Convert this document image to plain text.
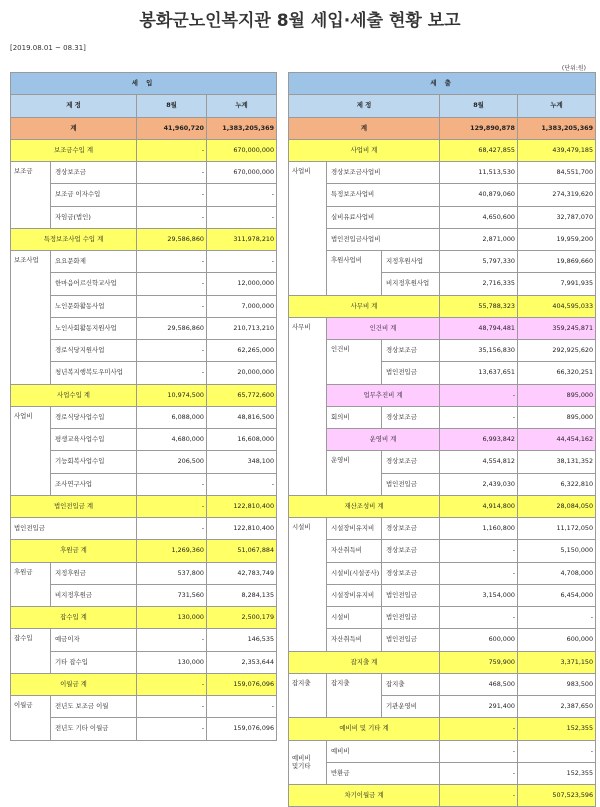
봉화군노인복지관 8월 세입·세출 현황 보고
[2019.08.01 ~ 08.31]
(단위:원)
세 입			
제 정		8월	누계
계		41,960,720	1,383,205,369
보조금수입 계		-	670,000,000
보조금	경상보조금	-	670,000,000
	보조금 이자수입	-	-
	자임금(법인)	-	-
특정보조사업 수입 계		29,586,860	311,978,210
보조사업	요요문화제	-	-
	한마음어르신학교사업	-	12,000,000
	노인문화활동사업	-	7,000,000
	노인사회활동지원사업	29,586,860	210,713,210
	경로식당지원사업	-	62,265,000
	청년복지행복도우미사업	-	20,000,000
사업수입 계		10,974,500	65,772,600
사업비	경로식당사업수입	6,088,000	48,816,500
	평생교육사업수입	4,680,000	16,608,000
	기능회복사업수입	206,500	348,100
	조사연구사업	-	-
법인전입금 계		-	122,810,400
법인전입금		-	122,810,400
후원금 계		1,269,360	51,067,884
후원금	지정후원금	537,800	42,783,749
	비지정후원금	731,560	8,284,135
잡수입 계		130,000	2,500,179
잡수입	예금이자	-	146,535
	기타 잡수입	130,000	2,353,644
이월금 계		-	159,076,096
이월금	전년도 보조금 이월	-	-
	전년도 기타 이월금	-	159,076,096
세 출				
제 정			8월	누계
계			129,890,878	1,383,205,369
사업비 계			68,427,855	439,479,185
사업비	경상보조금사업비		11,513,530	84,551,700
	특정보조사업비		40,879,060	274,319,620
	실비유료사업비		4,650,600	32,787,070
	법인전입금사업비		2,871,000	19,959,200
	후원사업비	지정후원사업	5,797,330	19,869,660
		비지정후원사업	2,716,335	7,991,935
사무비 계			55,788,323	404,595,033
사무비	인건비 계		48,794,481	359,245,871
	인건비	경상보조금	35,156,830	292,925,620
		법인전입금	13,637,651	66,320,251
	업무추진비 계		-	895,000
	회의비	경상보조금	-	895,000
	운영비 계		6,993,842	44,454,162
	운영비	경상보조금	4,554,812	38,131,352
		법인전입금	2,439,030	6,322,810
재산조성비 계			4,914,800	28,084,050
시설비	시설장비유지비	경상보조금	1,160,800	11,172,050
	자산취득비	경상보조금	-	5,150,000
	시설비(시설공사)	경상보조금	-	4,708,000
	시설장비유지비	법인전입금	3,154,000	6,454,000
	시설비	법인전입금	-	-
	자산취득비	법인전입금	600,000	600,000
잡지출 계			759,900	3,371,150
잡지출	잡지출	잡지출	468,500	983,500
		기관운영비	291,400	2,387,650
예비비 및 기타 계			-	152,355
예비비
및기타	예비비		-	-
	반환금		-	152,355
차기이월금 계			-	507,523,596
